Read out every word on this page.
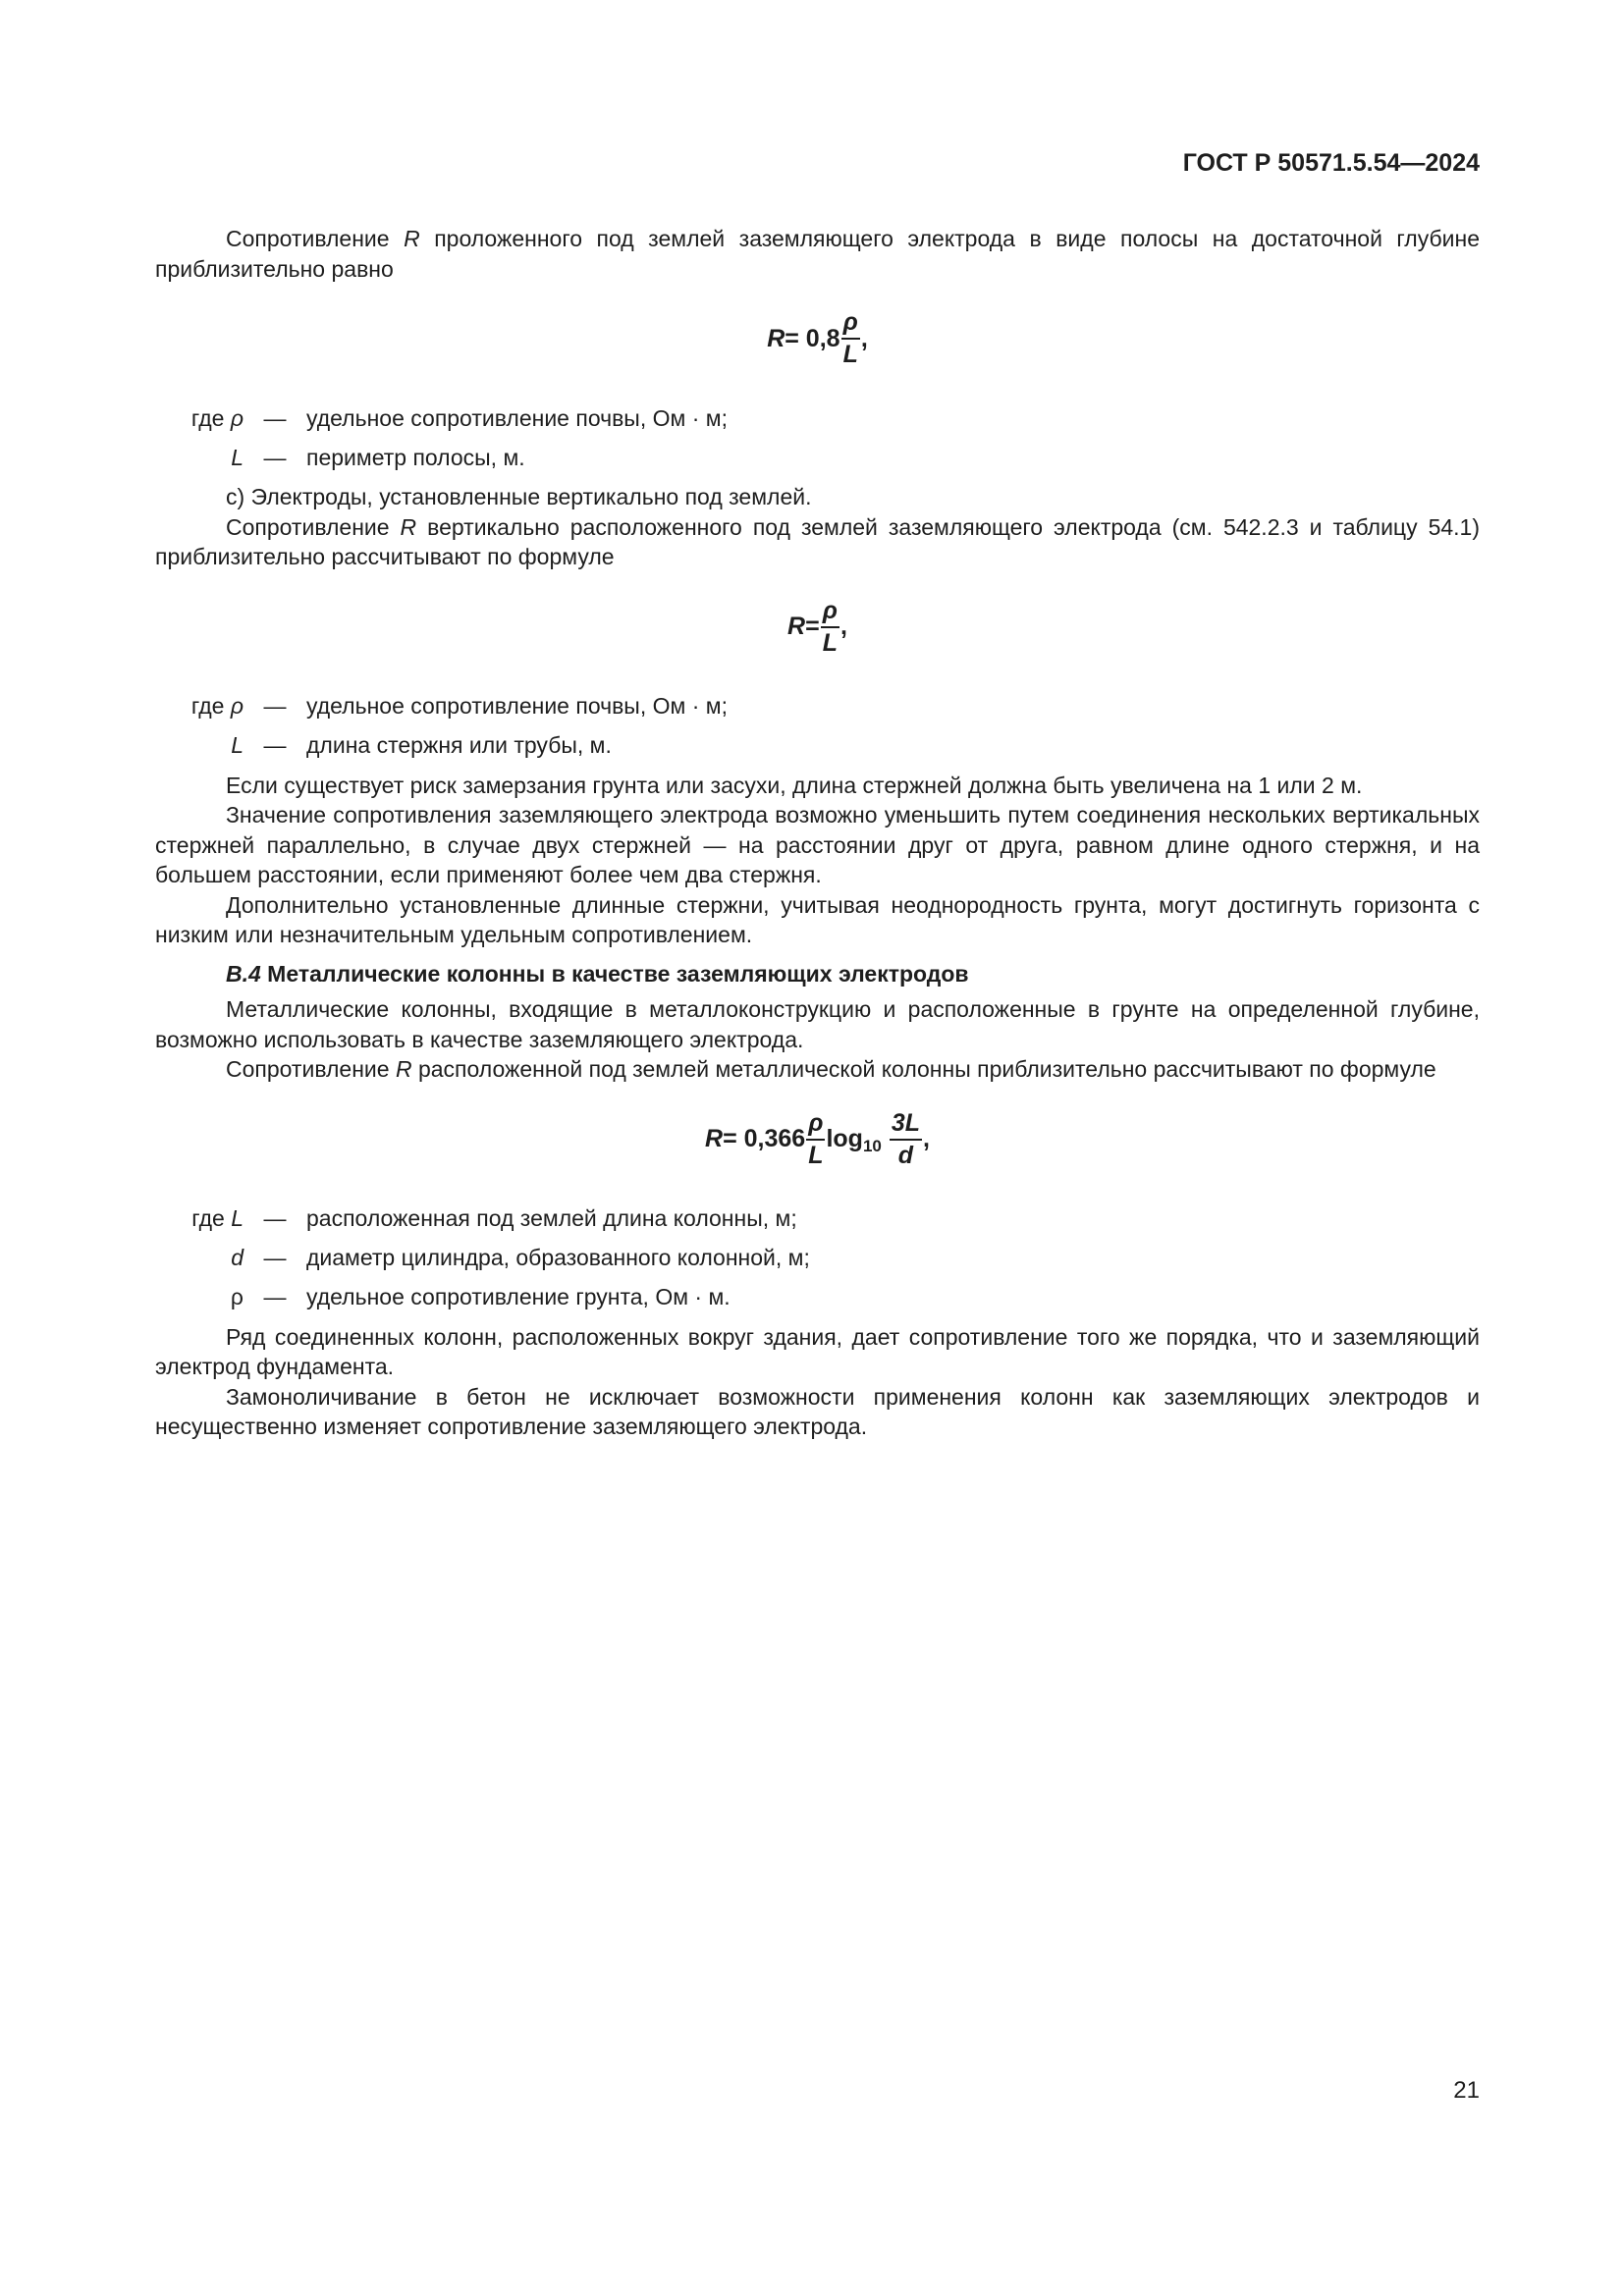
ГОСТ Р 50571.5.54—2024

Сопротивление R проложенного под землей заземляющего электрода в виде полосы на достаточной глубине приблизительно равно

$R = 0,8 \frac{\rho}{L}$ ,
где ρ — удельное сопротивление почвы, Ом · м;
L — периметр полосы, м.

с) Электроды, установленные вертикально под землей.

Сопротивление R вертикально расположенного под землей заземляющего электрода (см. 542.2.3 и таблицу 54.1) приблизительно рассчитывают по формуле

$R = \frac{\rho}{L}$ ,
где ρ — удельное сопротивление почвы, Ом · м;
L — длина стержня или трубы, м.

Если существует риск замерзания грунта или засухи, длина стержней должна быть увеличена на 1 или 2 м.

Значение сопротивления заземляющего электрода возможно уменьшить путем соединения нескольких вертикальных стержней параллельно, в случае двух стержней — на расстоянии друг от друга, равном длине одного стержня, и на большем расстоянии, если применяют более чем два стержня.

Дополнительно установленные длинные стержни, учитывая неоднородность грунта, могут достигнуть горизонта с низким или незначительным удельным сопротивлением.

В.4 Металлические колонны в качестве заземляющих электродов

Металлические колонны, входящие в металлоконструкцию и расположенные в грунте на определенной глубине, возможно использовать в качестве заземляющего электрода.

Сопротивление R расположенной под землей металлической колонны приблизительно рассчитывают по формуле

$R = 0,366 \frac{\rho}{L}$ log 10
$\frac{3L}{d}$ ,
где L — расположенная под землей длина колонны, м;
d — диаметр цилиндра, образованного колонной, м;
ρ — удельное сопротивление грунта, Ом · м.

Ряд соединенных колонн, расположенных вокруг здания, дает сопротивление того же порядка, что и заземляющий электрод фундамента.

Замоноличивание в бетон не исключает возможности применения колонн как заземляющих электродов и несущественно изменяет сопротивление заземляющего электрода.

21
